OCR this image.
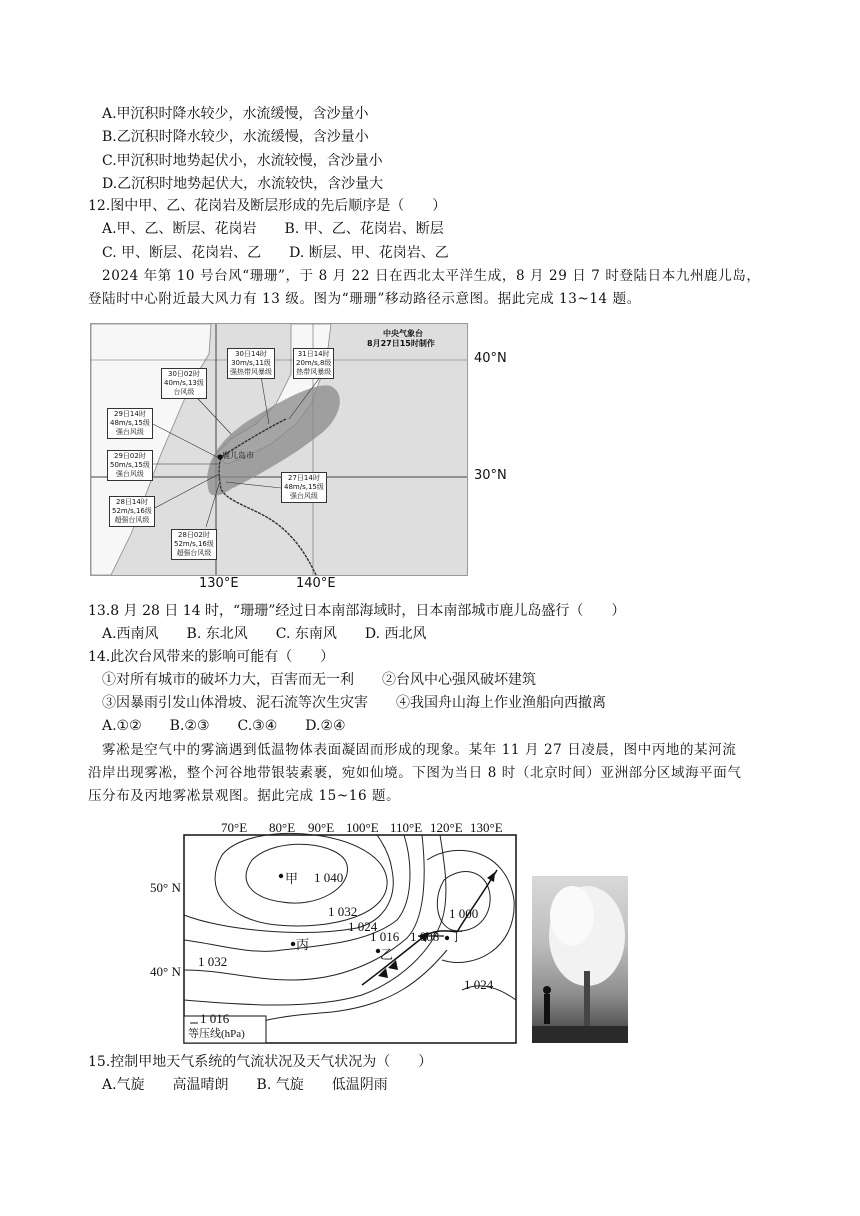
A.甲沉积时降水较少，水流缓慢，含沙量小
B.乙沉积时降水较少，水流缓慢，含沙量小
C.甲沉积时地势起伏小，水流较慢，含沙量小
D.乙沉积时地势起伏大，水流较快，含沙量大
12.图中甲、乙、花岗岩及断层形成的先后顺序是（　　）
A.甲、乙、断层、花岗岩　　B. 甲、乙、花岗岩、断层
C. 甲、断层、花岗岩、乙　　D. 断层、甲、花岗岩、乙
2024 年第 10 号台风“珊珊”，于 8 月 22 日在西北太平洋生成，8 月 29 日 7 时登陆日本九州鹿儿岛，
登陆时中心附近最大风力有 13 级。图为“珊珊”移动路径示意图。据此完成 13~14 题。
中央气象台
8月27日15时制作
30日14时
30m/s,11级
强热带风暴级
31日14时
20m/s,8级
热带风暴级
30日02时
40m/s,13级
台风级
29日14时
48m/s,15级
强台风级
鹿儿岛市
29日02时
50m/s,15级
强台风级	27日14时
48m/s,15级
强台风级
28日14时
52m/s,16级
超强台风级
28日02时
52m/s,16级
超强台风级
40°N
30°N
130°E	140°E
13.8 月 28 日 14 时，“珊珊”经过日本南部海域时，日本南部城市鹿儿岛盛行（　　）
A.西南风　　B. 东北风　　C. 东南风　　D. 西北风
14.此次台风带来的影响可能有（　　）
①对所有城市的破坏力大，百害而无一利　　②台风中心强风破坏建筑
③因暴雨引发山体滑坡、泥石流等次生灾害　　④我国舟山海上作业渔船向西撤离
A.①②　　B.②③　　C.③④　　D.②④
雾凇是空气中的雾滴遇到低温物体表面凝固而形成的现象。某年 11 月 27 日凌晨，图中丙地的某河流
沿岸出现雾凇，整个河谷地带银装素裹，宛如仙境。下图为当日 8 时（北京时间）亚洲部分区域海平面气
压分布及丙地雾凇景观图。据此完成 15~16 题。
70°E 80°E 90°E 100°E 110°E 120°E 130°E
50° N
40° N
甲
乙
丙
丁
1 040
1 032
1 024
1 016 1 008
1 000
1 032
1 024
1 016
等压线(hPa)
15.控制甲地天气系统的气流状况及天气状况为（　　）
A.气旋　　高温晴朗　　B. 气旋　　低温阴雨
